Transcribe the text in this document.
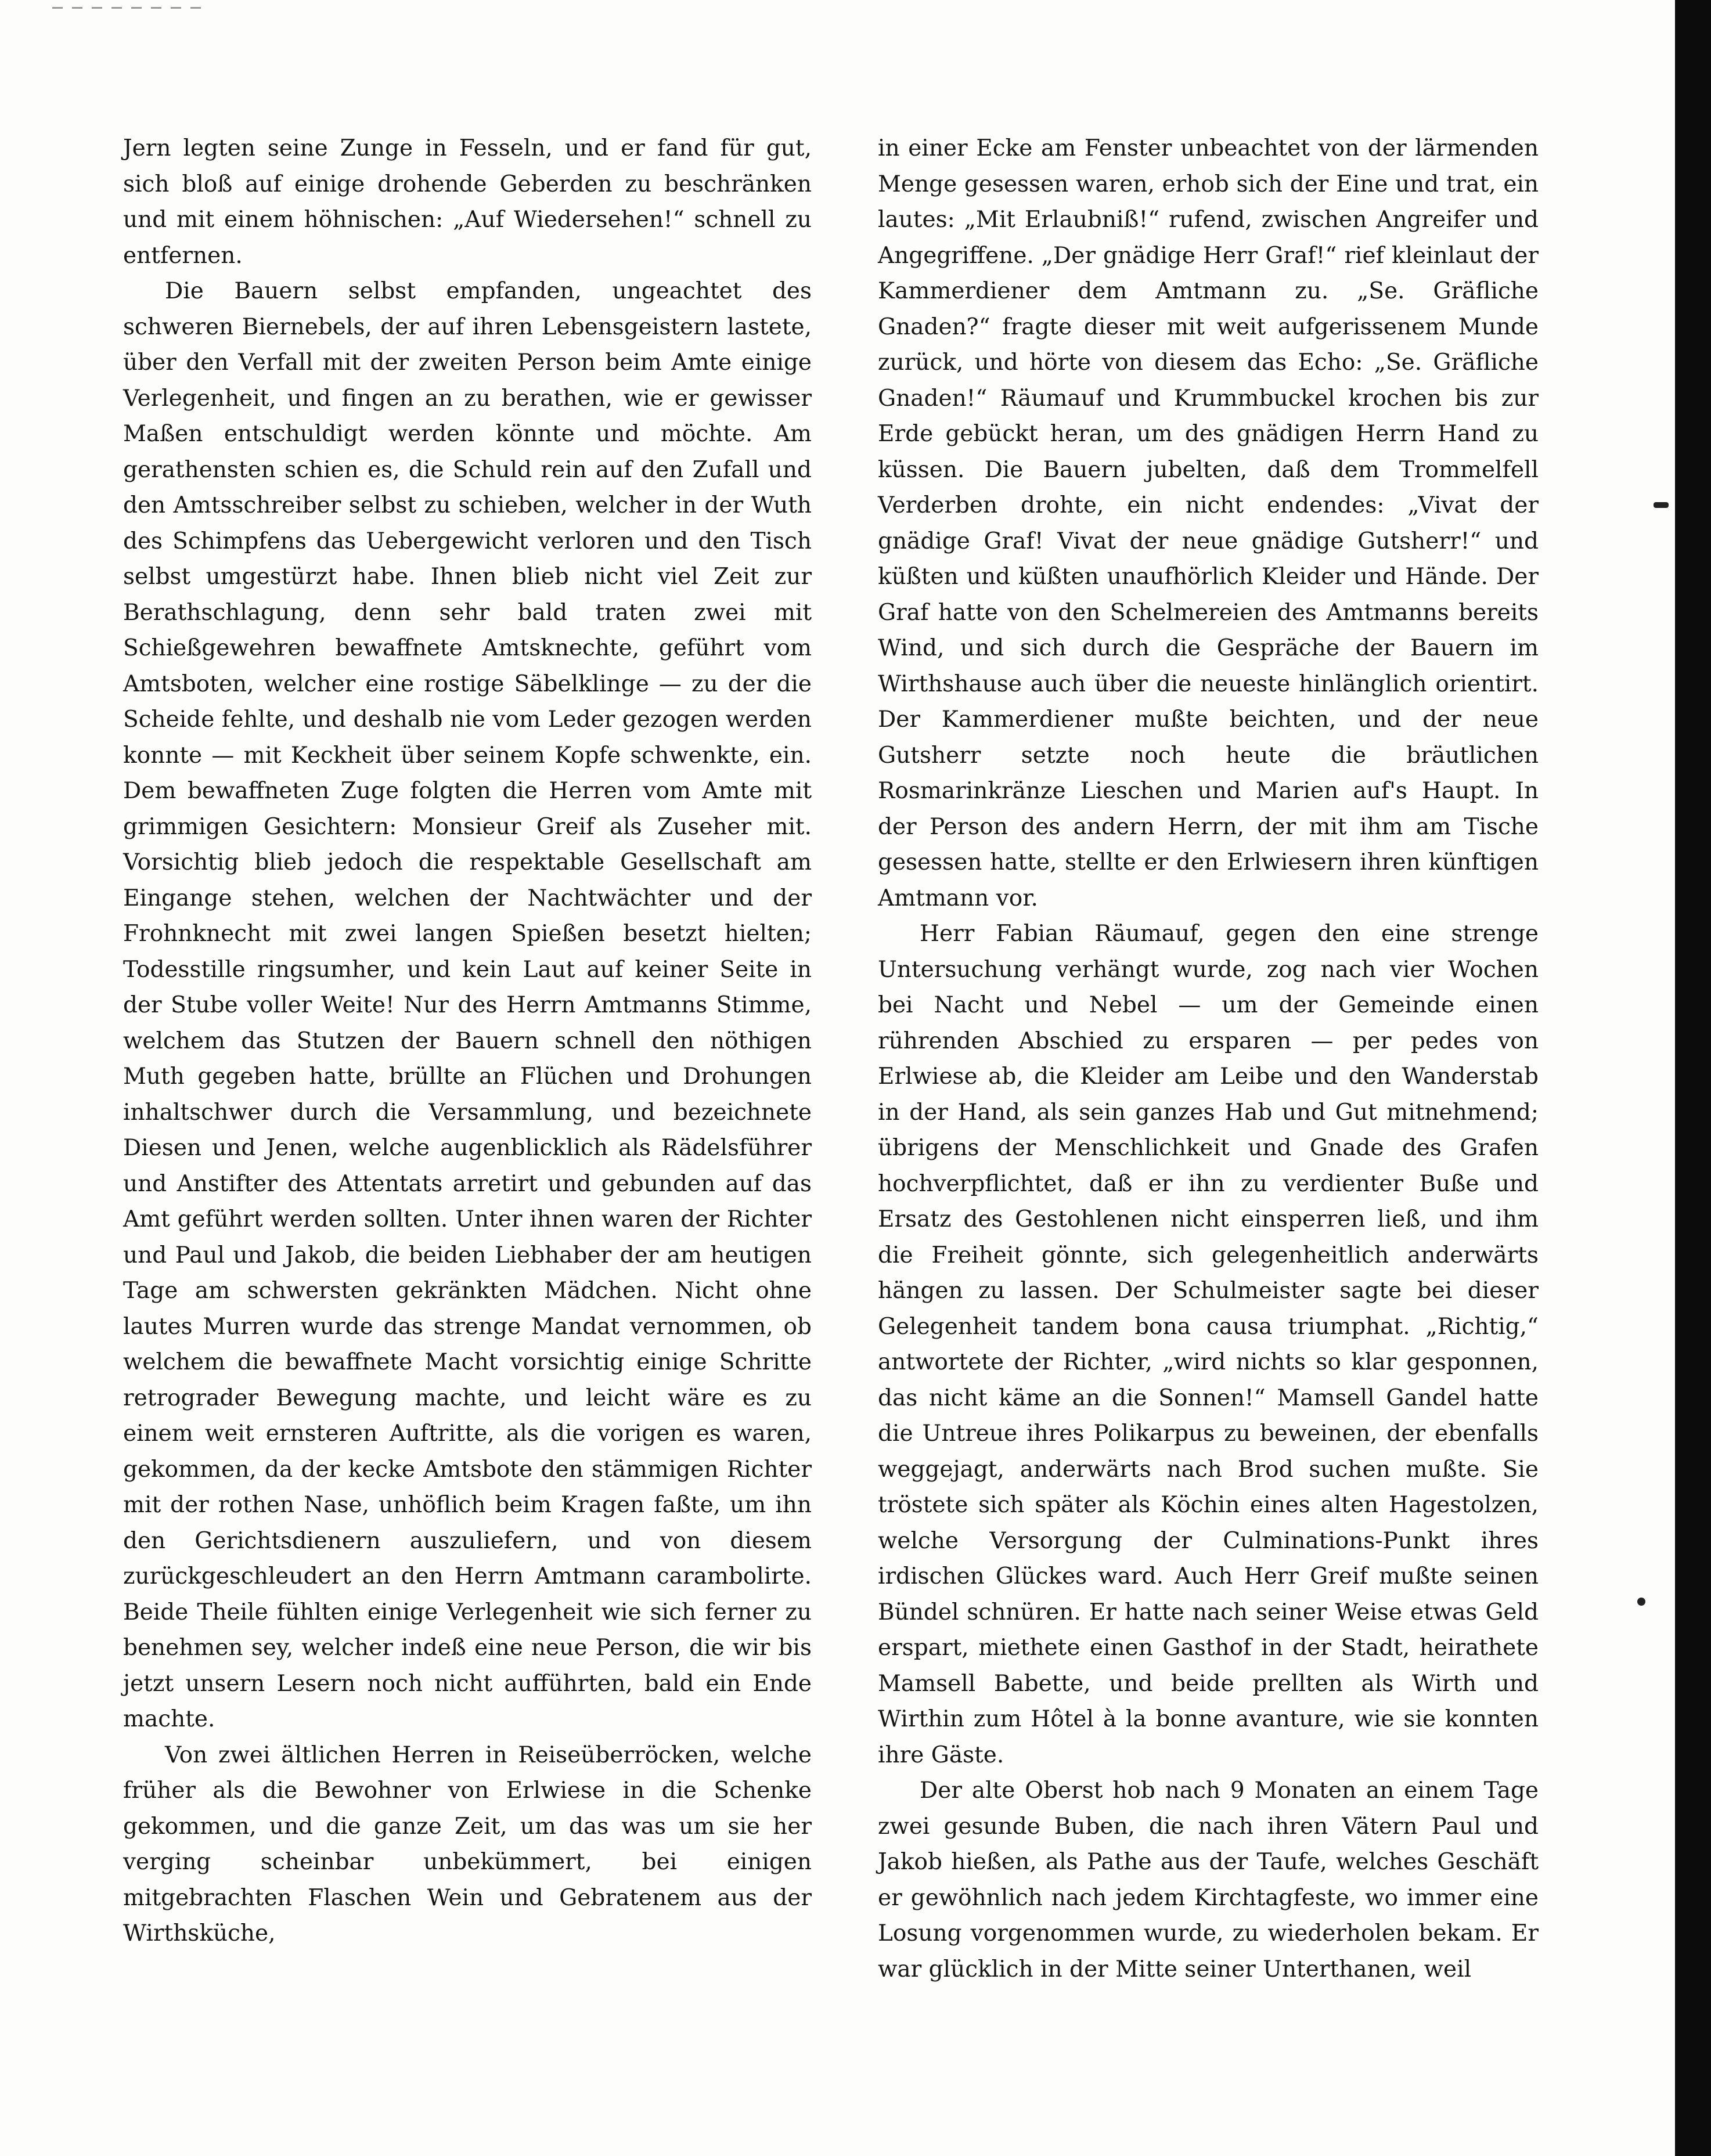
Jern legten seine Zunge in Fesseln, und er fand für gut, sich bloß auf einige drohende Geberden zu beschränken und mit einem höhnischen: „Auf Wiedersehen!“ schnell zu entfernen.

Die Bauern selbst empfanden, ungeachtet des schweren Biernebels, der auf ihren Lebensgeistern lastete, über den Verfall mit der zweiten Person beim Amte einige Verlegenheit, und fingen an zu berathen, wie er gewisser Maßen entschuldigt werden könnte und möchte. Am gerathensten schien es, die Schuld rein auf den Zufall und den Amtsschreiber selbst zu schieben, welcher in der Wuth des Schimpfens das Uebergewicht verloren und den Tisch selbst umgestürzt habe. Ihnen blieb nicht viel Zeit zur Berathschlagung, denn sehr bald traten zwei mit Schießgewehren bewaffnete Amtsknechte, geführt vom Amtsboten, welcher eine rostige Säbelklinge — zu der die Scheide fehlte, und deshalb nie vom Leder gezogen werden konnte — mit Keckheit über seinem Kopfe schwenkte, ein. Dem bewaffneten Zuge folgten die Herren vom Amte mit grimmigen Gesichtern: Monsieur Greif als Zuseher mit. Vorsichtig blieb jedoch die respektable Gesellschaft am Eingange stehen, welchen der Nachtwächter und der Frohnknecht mit zwei langen Spießen besetzt hielten; Todesstille ringsumher, und kein Laut auf keiner Seite in der Stube voller Weite! Nur des Herrn Amtmanns Stimme, welchem das Stutzen der Bauern schnell den nöthigen Muth gegeben hatte, brüllte an Flüchen und Drohungen inhaltschwer durch die Versammlung, und bezeichnete Diesen und Jenen, welche augenblicklich als Rädelsführer und Anstifter des Attentats arretirt und gebunden auf das Amt geführt werden sollten. Unter ihnen waren der Richter und Paul und Jakob, die beiden Liebhaber der am heutigen Tage am schwersten gekränkten Mädchen. Nicht ohne lautes Murren wurde das strenge Mandat vernommen, ob welchem die bewaffnete Macht vorsichtig einige Schritte retrograder Bewegung machte, und leicht wäre es zu einem weit ernsteren Auftritte, als die vorigen es waren, gekommen, da der kecke Amtsbote den stämmigen Richter mit der rothen Nase, unhöflich beim Kragen faßte, um ihn den Gerichtsdienern auszuliefern, und von diesem zurückgeschleudert an den Herrn Amtmann carambolirte. Beide Theile fühlten einige Verlegenheit wie sich ferner zu benehmen sey, welcher indeß eine neue Person, die wir bis jetzt unsern Lesern noch nicht aufführten, bald ein Ende machte.

Von zwei ältlichen Herren in Reiseüberröcken, welche früher als die Bewohner von Erlwiese in die Schenke gekommen, und die ganze Zeit, um das was um sie her verging scheinbar unbekümmert, bei einigen mitgebrachten Flaschen Wein und Gebratenem aus der Wirthsküche,

in einer Ecke am Fenster unbeachtet von der lärmenden Menge gesessen waren, erhob sich der Eine und trat, ein lautes: „Mit Erlaubniß!“ rufend, zwischen Angreifer und Angegriffene. „Der gnädige Herr Graf!“ rief kleinlaut der Kammerdiener dem Amtmann zu. „Se. Gräfliche Gnaden?“ fragte dieser mit weit aufgerissenem Munde zurück, und hörte von diesem das Echo: „Se. Gräfliche Gnaden!“ Räumauf und Krummbuckel krochen bis zur Erde gebückt heran, um des gnädigen Herrn Hand zu küssen. Die Bauern jubelten, daß dem Trommelfell Verderben drohte, ein nicht endendes: „Vivat der gnädige Graf! Vivat der neue gnädige Gutsherr!“ und küßten und küßten unaufhörlich Kleider und Hände. Der Graf hatte von den Schelmereien des Amtmanns bereits Wind, und sich durch die Gespräche der Bauern im Wirthshause auch über die neueste hinlänglich orientirt. Der Kammerdiener mußte beichten, und der neue Gutsherr setzte noch heute die bräutlichen Rosmarinkränze Lieschen und Marien auf's Haupt. In der Person des andern Herrn, der mit ihm am Tische gesessen hatte, stellte er den Erlwiesern ihren künftigen Amtmann vor.

Herr Fabian Räumauf, gegen den eine strenge Untersuchung verhängt wurde, zog nach vier Wochen bei Nacht und Nebel — um der Gemeinde einen rührenden Abschied zu ersparen — per pedes von Erlwiese ab, die Kleider am Leibe und den Wanderstab in der Hand, als sein ganzes Hab und Gut mitnehmend; übrigens der Menschlichkeit und Gnade des Grafen hochverpflichtet, daß er ihn zu verdienter Buße und Ersatz des Gestohlenen nicht einsperren ließ, und ihm die Freiheit gönnte, sich gelegenheitlich anderwärts hängen zu lassen. Der Schulmeister sagte bei dieser Gelegenheit tandem bona causa triumphat. „Richtig,“ antwortete der Richter, „wird nichts so klar gesponnen, das nicht käme an die Sonnen!“ Mamsell Gandel hatte die Untreue ihres Polikarpus zu beweinen, der ebenfalls weggejagt, anderwärts nach Brod suchen mußte. Sie tröstete sich später als Köchin eines alten Hagestolzen, welche Versorgung der Culminations-Punkt ihres irdischen Glückes ward. Auch Herr Greif mußte seinen Bündel schnüren. Er hatte nach seiner Weise etwas Geld erspart, miethete einen Gasthof in der Stadt, heirathete Mamsell Babette, und beide prellten als Wirth und Wirthin zum Hôtel à la bonne avanture, wie sie konnten ihre Gäste.

Der alte Oberst hob nach 9 Monaten an einem Tage zwei gesunde Buben, die nach ihren Vätern Paul und Jakob hießen, als Pathe aus der Taufe, welches Geschäft er gewöhnlich nach jedem Kirchtagfeste, wo immer eine Losung vorgenommen wurde, zu wiederholen bekam. Er war glücklich in der Mitte seiner Unterthanen, weil
